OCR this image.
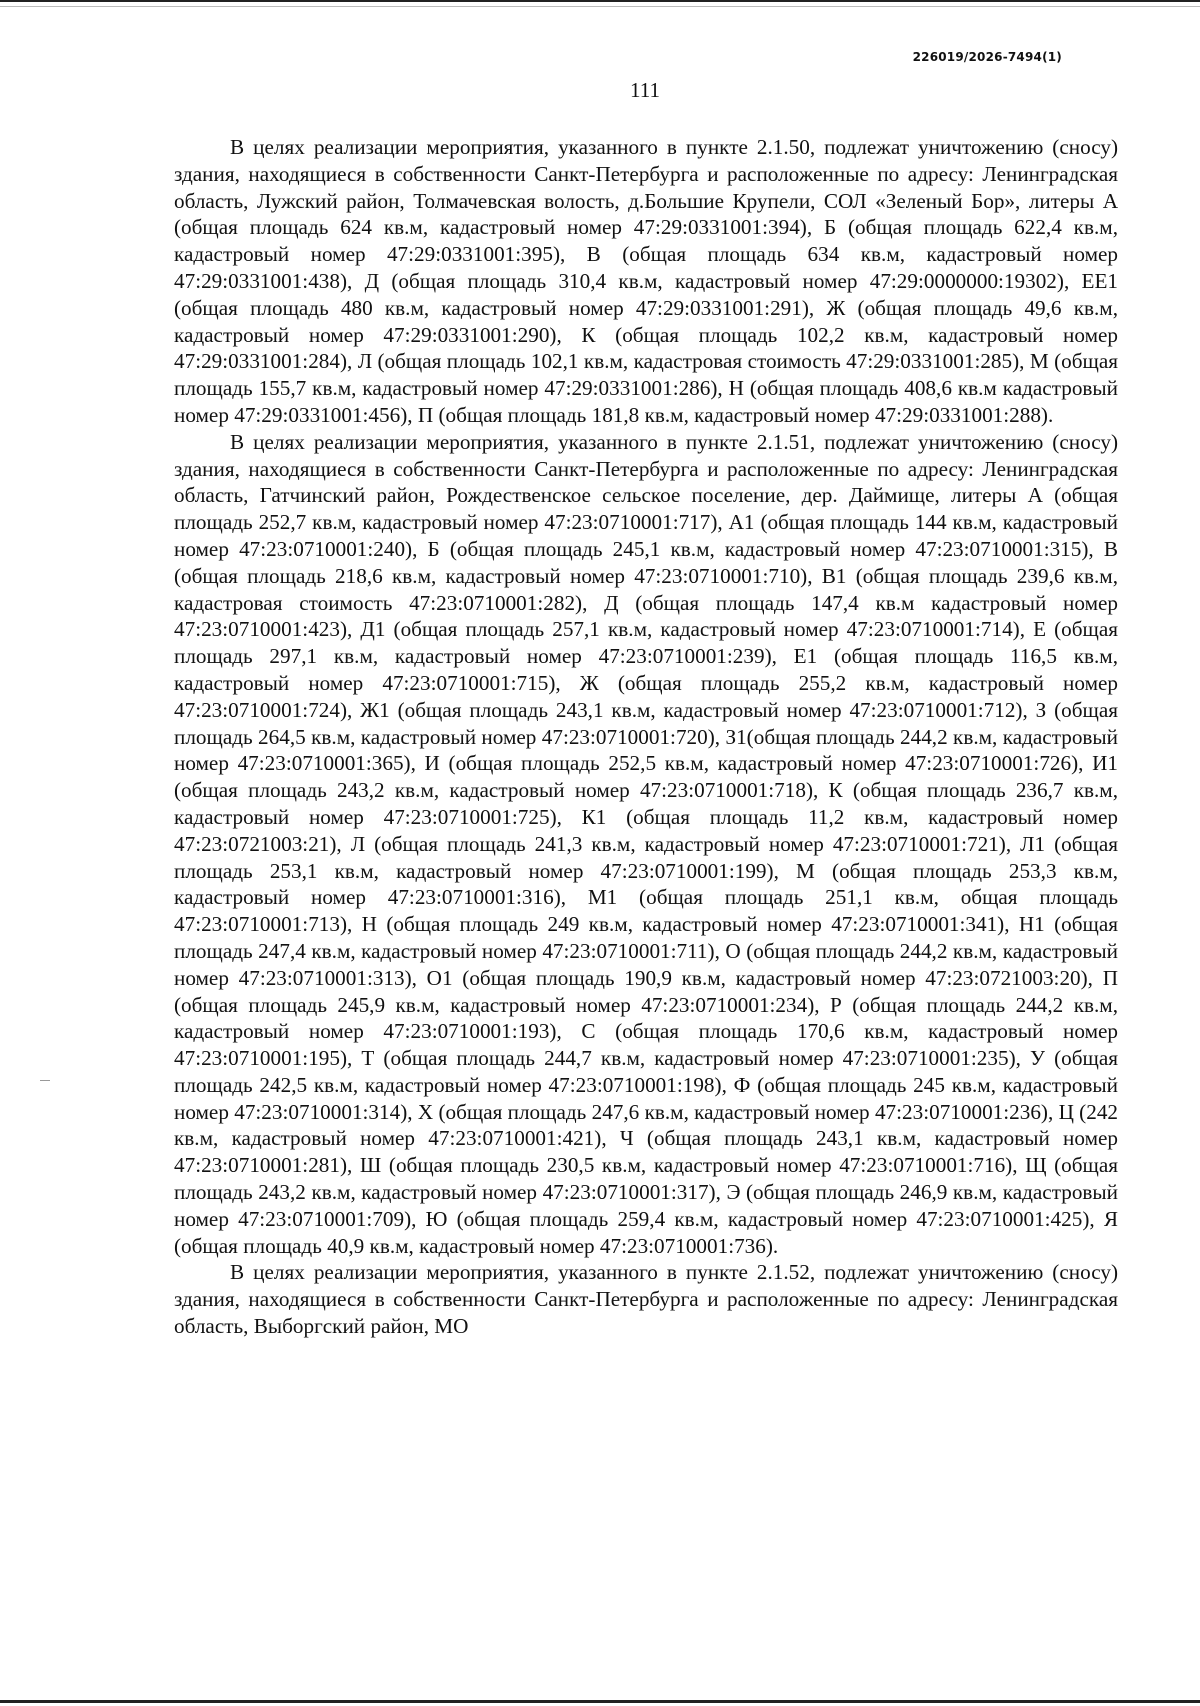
226019/2026-7494(1)
111

В целях реализации мероприятия, указанного в пункте 2.1.50, подлежат уничтожению (сносу) здания, находящиеся в собственности Санкт-Петербурга и расположенные по адресу: Ленинградская область, Лужский район, Толмачевская волость, д.Большие Крупели, СОЛ «Зеленый Бор», литеры А (общая площадь 624 кв.м, кадастровый номер 47:29:0331001:394), Б (общая площадь 622,4 кв.м, кадастровый номер 47:29:0331001:395), В (общая площадь 634 кв.м, кадастровый номер 47:29:0331001:438), Д (общая площадь 310,4 кв.м, кадастровый номер 47:29:0000000:19302), ЕЕ1 (общая площадь 480 кв.м, кадастровый номер 47:29:0331001:291), Ж (общая площадь 49,6 кв.м, кадастровый номер 47:29:0331001:290), К (общая площадь 102,2 кв.м, кадастровый номер 47:29:0331001:284), Л (общая площадь 102,1 кв.м, кадастровая стоимость 47:29:0331001:285), М (общая площадь 155,7 кв.м, кадастровый номер 47:29:0331001:286), Н (общая площадь 408,6 кв.м кадастровый номер 47:29:0331001:456), П (общая площадь 181,8 кв.м, кадастровый номер 47:29:0331001:288).

В целях реализации мероприятия, указанного в пункте 2.1.51, подлежат уничтожению (сносу) здания, находящиеся в собственности Санкт-Петербурга и расположенные по адресу: Ленинградская область, Гатчинский район, Рождественское сельское поселение, дер. Даймище, литеры А (общая площадь 252,7 кв.м, кадастровый номер 47:23:0710001:717), А1 (общая площадь 144 кв.м, кадастровый номер 47:23:0710001:240), Б (общая площадь 245,1 кв.м, кадастровый номер 47:23:0710001:315), В (общая площадь 218,6 кв.м, кадастровый номер 47:23:0710001:710), В1 (общая площадь 239,6 кв.м, кадастровая стоимость 47:23:0710001:282), Д (общая площадь 147,4 кв.м кадастровый номер 47:23:0710001:423), Д1 (общая площадь 257,1 кв.м, кадастровый номер 47:23:0710001:714), Е (общая площадь 297,1 кв.м, кадастровый номер 47:23:0710001:239), Е1 (общая площадь 116,5 кв.м, кадастровый номер 47:23:0710001:715), Ж (общая площадь 255,2 кв.м, кадастровый номер 47:23:0710001:724), Ж1 (общая площадь 243,1 кв.м, кадастровый номер 47:23:0710001:712), З (общая площадь 264,5 кв.м, кадастровый номер 47:23:0710001:720), З1(общая площадь 244,2 кв.м, кадастровый номер 47:23:0710001:365), И (общая площадь 252,5 кв.м, кадастровый номер 47:23:0710001:726), И1 (общая площадь 243,2 кв.м, кадастровый номер 47:23:0710001:718), К (общая площадь 236,7 кв.м, кадастровый номер 47:23:0710001:725), К1 (общая площадь 11,2 кв.м, кадастровый номер 47:23:0721003:21), Л (общая площадь 241,3 кв.м, кадастровый номер 47:23:0710001:721), Л1 (общая площадь 253,1 кв.м, кадастровый номер 47:23:0710001:199), М (общая площадь 253,3 кв.м, кадастровый номер 47:23:0710001:316), М1 (общая площадь 251,1 кв.м, общая площадь 47:23:0710001:713), Н (общая площадь 249 кв.м, кадастровый номер 47:23:0710001:341), Н1 (общая площадь 247,4 кв.м, кадастровый номер 47:23:0710001:711), О (общая площадь 244,2 кв.м, кадастровый номер 47:23:0710001:313), О1 (общая площадь 190,9 кв.м, кадастровый номер 47:23:0721003:20), П (общая площадь 245,9 кв.м, кадастровый номер 47:23:0710001:234), Р (общая площадь 244,2 кв.м, кадастровый номер 47:23:0710001:193), С (общая площадь 170,6 кв.м, кадастровый номер 47:23:0710001:195), Т (общая площадь 244,7 кв.м, кадастровый номер 47:23:0710001:235), У (общая площадь 242,5 кв.м, кадастровый номер 47:23:0710001:198), Ф (общая площадь 245 кв.м, кадастровый номер 47:23:0710001:314), Х (общая площадь 247,6 кв.м, кадастровый номер 47:23:0710001:236), Ц (242 кв.м, кадастровый номер 47:23:0710001:421), Ч (общая площадь 243,1 кв.м, кадастровый номер 47:23:0710001:281), Ш (общая площадь 230,5 кв.м, кадастровый номер 47:23:0710001:716), Щ (общая площадь 243,2 кв.м, кадастровый номер 47:23:0710001:317), Э (общая площадь 246,9 кв.м, кадастровый номер 47:23:0710001:709), Ю (общая площадь 259,4 кв.м, кадастровый номер 47:23:0710001:425), Я (общая площадь 40,9 кв.м, кадастровый номер 47:23:0710001:736).

В целях реализации мероприятия, указанного в пункте 2.1.52, подлежат уничтожению (сносу) здания, находящиеся в собственности Санкт-Петербурга и расположенные по адресу: Ленинградская область, Выборгский район, МО
